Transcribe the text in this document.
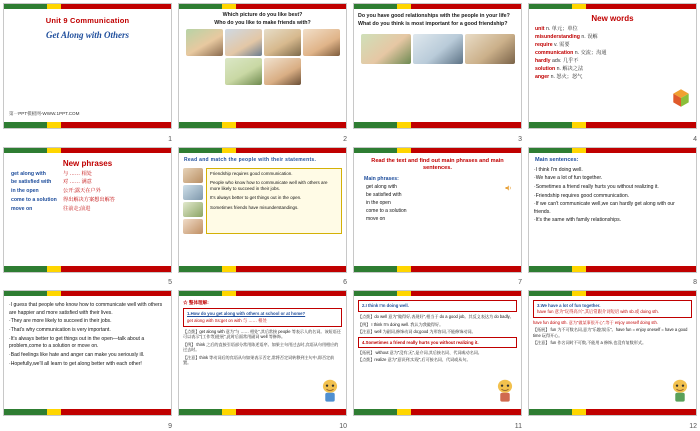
Unit 9 Communication
Get Along with Others
第一PPT模板网-WWW.1PPT.COM
1
Which picture do you like best?
Who do you like to make friends with?
2
Do you have good relationships with the people in your life?
What do you think is most important for a good friendship?
3
New words
unit n. 单元；单位
misunderstanding n. 误解
require v. 需要
communication n. 交流；沟通
hardly adv. 几乎不
solution n. 解决之法
anger n. 怒火；怒气
4
New phrases
get along with	与 …… 相处
be satisfied with 对 …… 满意
in the open	公开;露天在户外
come to a solution 得出解决方案想出解答
move on	往前走;前进
5
Read and match the people with their statements.
Friendship requires good communication.
People who know how to communicate well with others are more likely to succeed in their jobs.
It's always better to get things out in the open.
Sometimes friends have misunderstandings.
6
Read the text and find out main phrases and main sentences.
Main phrases:
get along with
be satisfied with
in the open
come to a solution
move on
7
Main sentences:
·I think I'm doing well.
·We have a lot of fun together.
·Sometimes a friend really hurts you without realizing it.
·Friendship requires good communication.
·If we can't communicate well,we can hardly get along with our friends.
·It's the same with family relationships.
8
·I guess that people who know how to communicate well with others are happier and more satisfied with their lives.
·They are more likely to succeed in their jobs.
·That's why communication is very important.
·It's always better to get things out in the open—talk about a problem,come to a solution or move on.
·Bad feelings like hate and anger can make you seriously ill.
·Hopefully,we'll all learn to get along better with each other!
9
☆ 整体理解:
1.How do you get along with others at school or at home?
get along with Ss:get on with 与 …… 相处
【点拨】get along with 意为"与 …… 相处",其后常接 people 等表示人的名词。该短语还可以表示"(工作等)进展",此时后面常用副词 well 等修饰。
【例】 think 之后的直接引语部分常用陈述语序。如果主句用过去时,宾语从句用相应的过去时。
【注意】think 等动词后的宾语从句如果表示否定,常将否定词转移到主句中,即否定前置。
10
2.I think I'm doing well.
【点拨】do well 意为"做得好,表现好",相当于 do a good job。其反义表达为 do badly。
【例】 I think I'm doing well. 我认为我做得好。
【注意】well 为副词,修饰动词 do;good 为形容词,不能修饰动词。
4.Sometimes a friend really hurts you without realizing it.
【拓展】 without 意为"没有;无",是介词,其后接名词、代词或动名词。
【点拨】realize 意为"意识到;实现",后可接名词、代词或从句。
11
3.We have a lot of fun together.
have fun 意为"玩得高兴",其后常跟介词短语 with sb.或 doing sth.
have fun doing sth. 意为"做某事很开心",等于 enjoy oneself doing sth.
【拓展】 fun 为不可数名词,意为"乐趣;娱乐"。have fun = enjoy oneself = have a good time 玩得开心。
【注意】 fun 作名词时不可数,不能用 a 修饰,也没有复数形式。
12
